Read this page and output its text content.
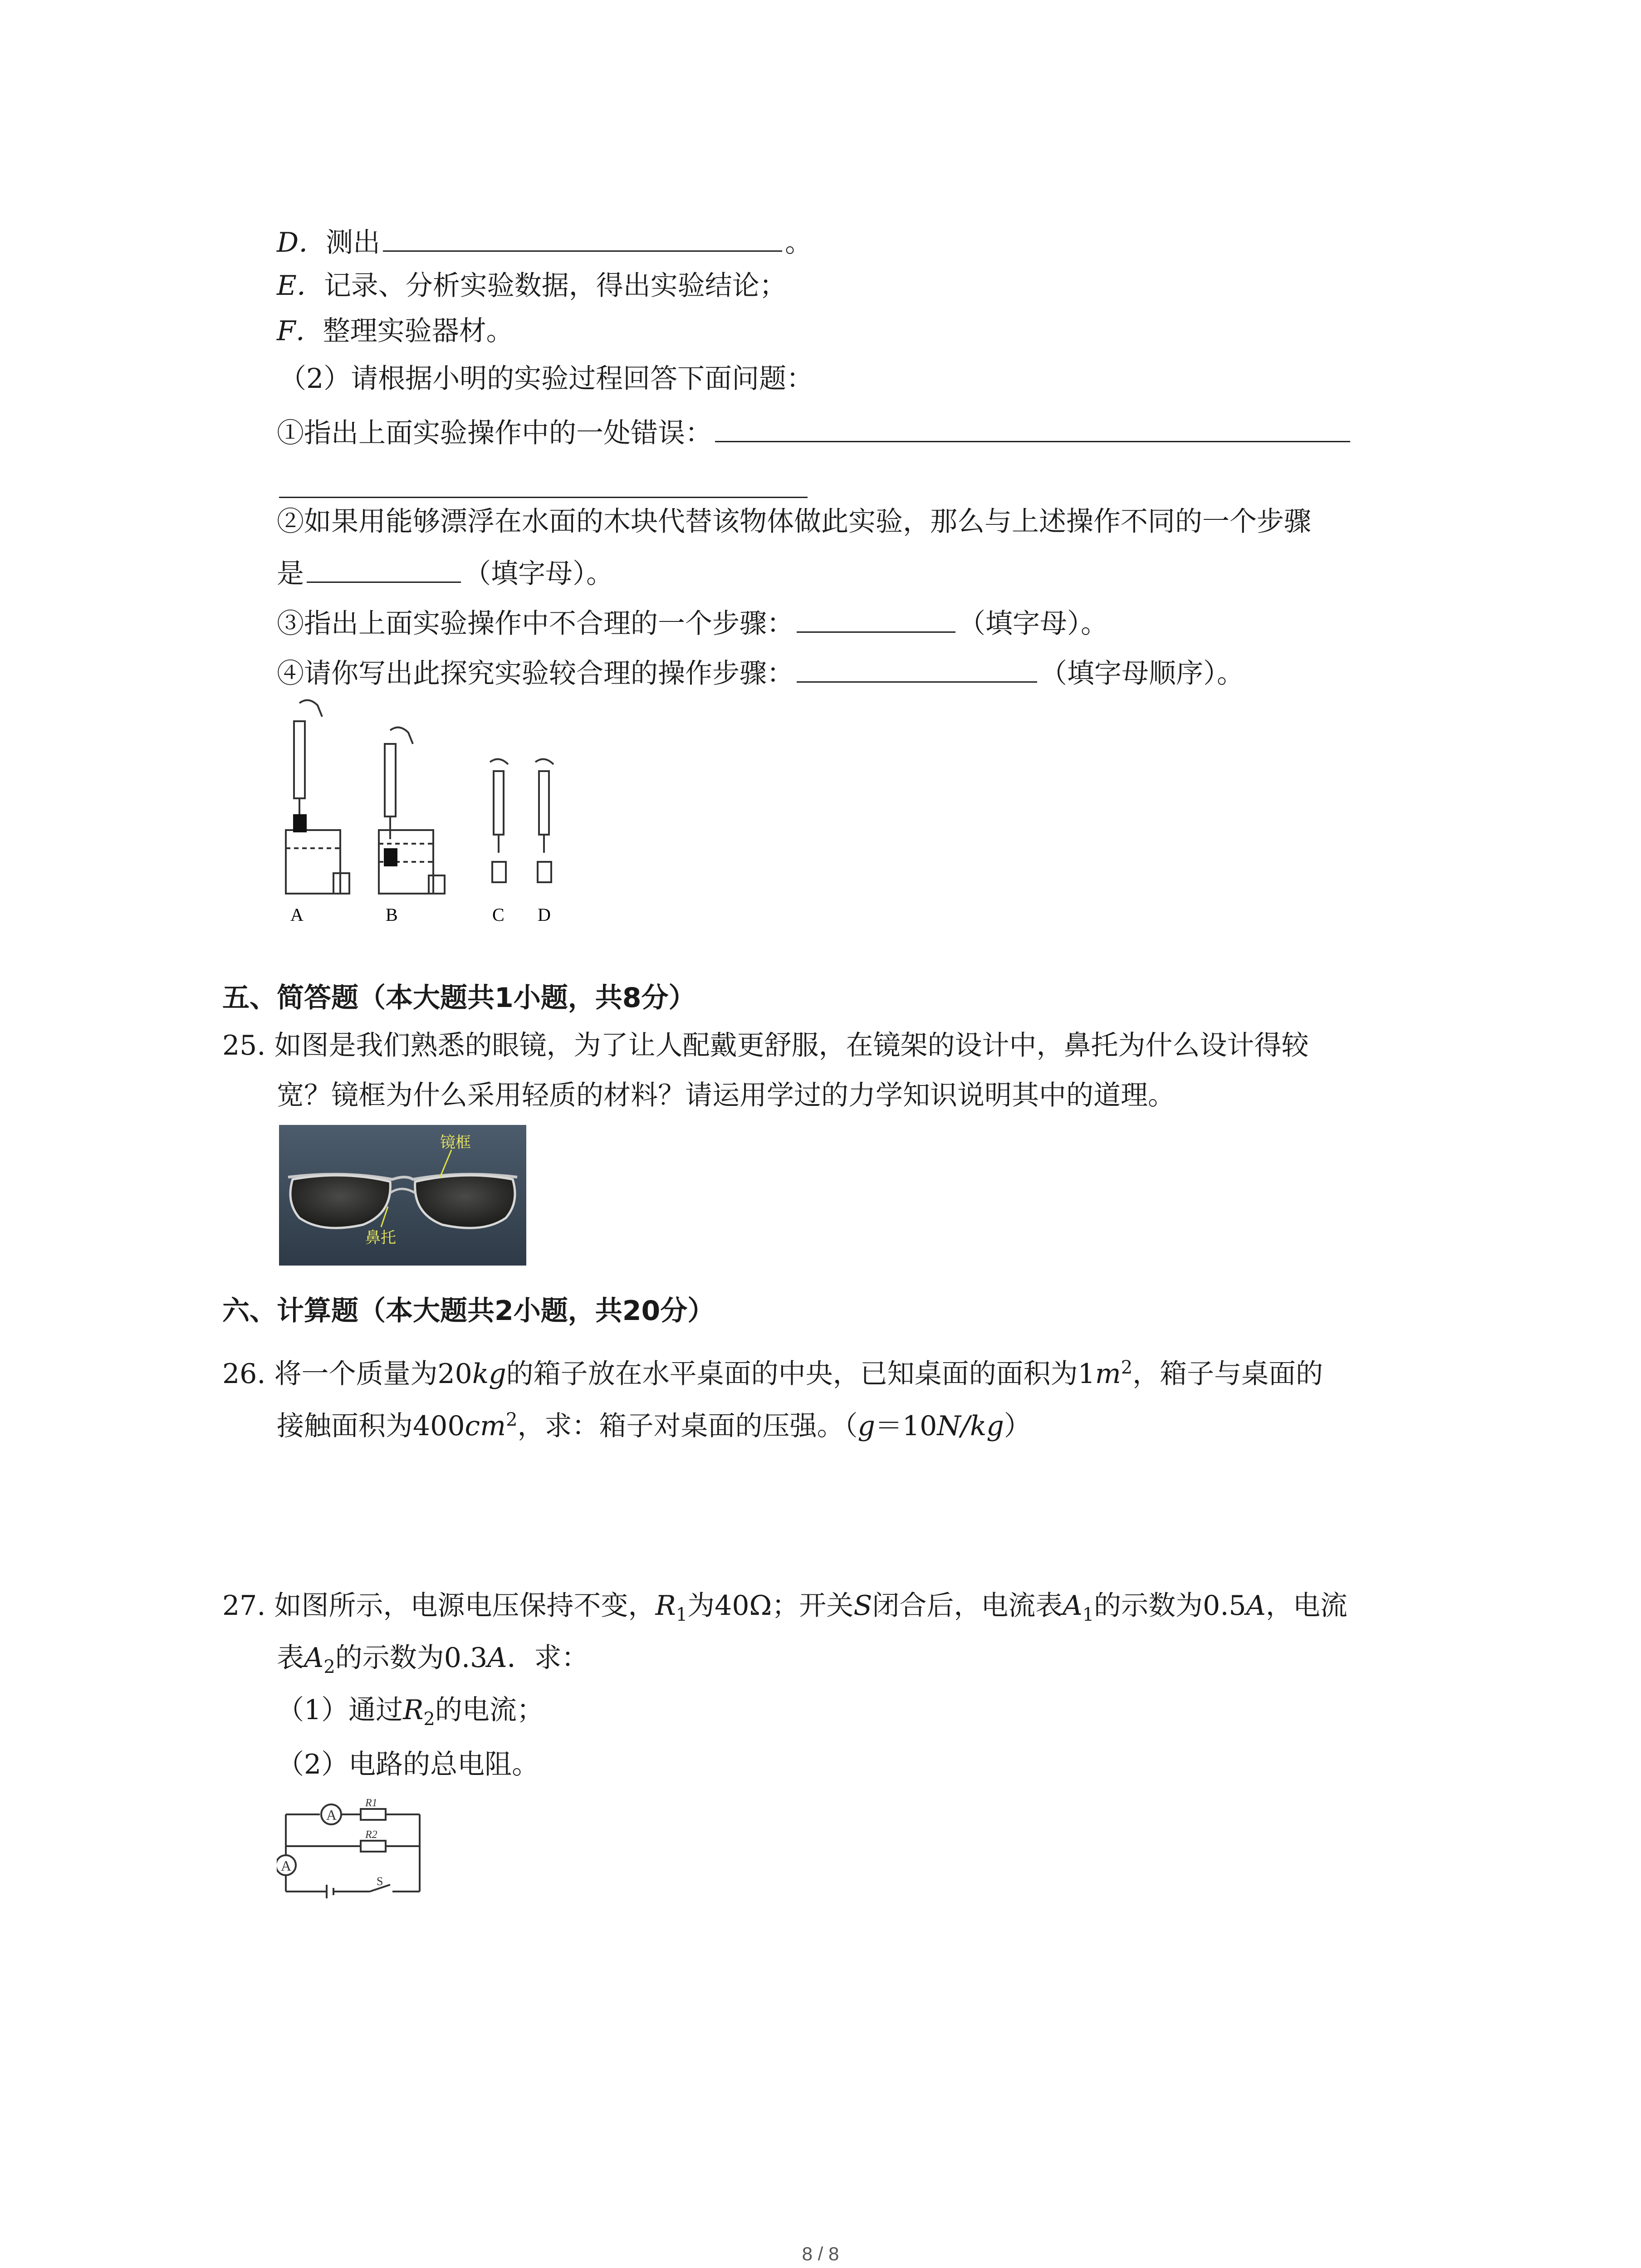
D．测出	。
E．记录、分析实验数据，得出实验结论；
F．整理实验器材。
（2）请根据小明的实验过程回答下面问题：
①指出上面实验操作中的一处错误：
②如果用能够漂浮在水面的木块代替该物体做此实验，那么与上述操作不同的一个步骤
是	（填字母）。
③指出上面实验操作中不合理的一个步骤：	（填字母）。
④请你写出此探究实验较合理的操作步骤：	（填字母顺序）。
A	B	C D
五、简答题（本大题共1小题，共8分）
25. 如图是我们熟悉的眼镜，为了让人配戴更舒服，在镜架的设计中，鼻托为什么设计得较
宽？镜框为什么采用轻质的材料？请运用学过的力学知识说明其中的道理。
镜框
鼻托
六、计算题（本大题共2小题，共20分）
26. 将一个质量为20kg的箱子放在水平桌面的中央，已知桌面的面积为$1m^2$，箱子与桌面的
接触面积为$400cm^2$，求：箱子对桌面的压强。（g＝10N/kg）
27. 如图所示，电源电压保持不变，$R_1$为40Ω；开关S闭合后，电流表$A_1$的示数为0.5A，电流
表$A_2$的示数为0.3A．求：
（1）通过$R_2$的电流；
（2）电路的总电阻。
A
A
R1
R2
S
8 / 8
